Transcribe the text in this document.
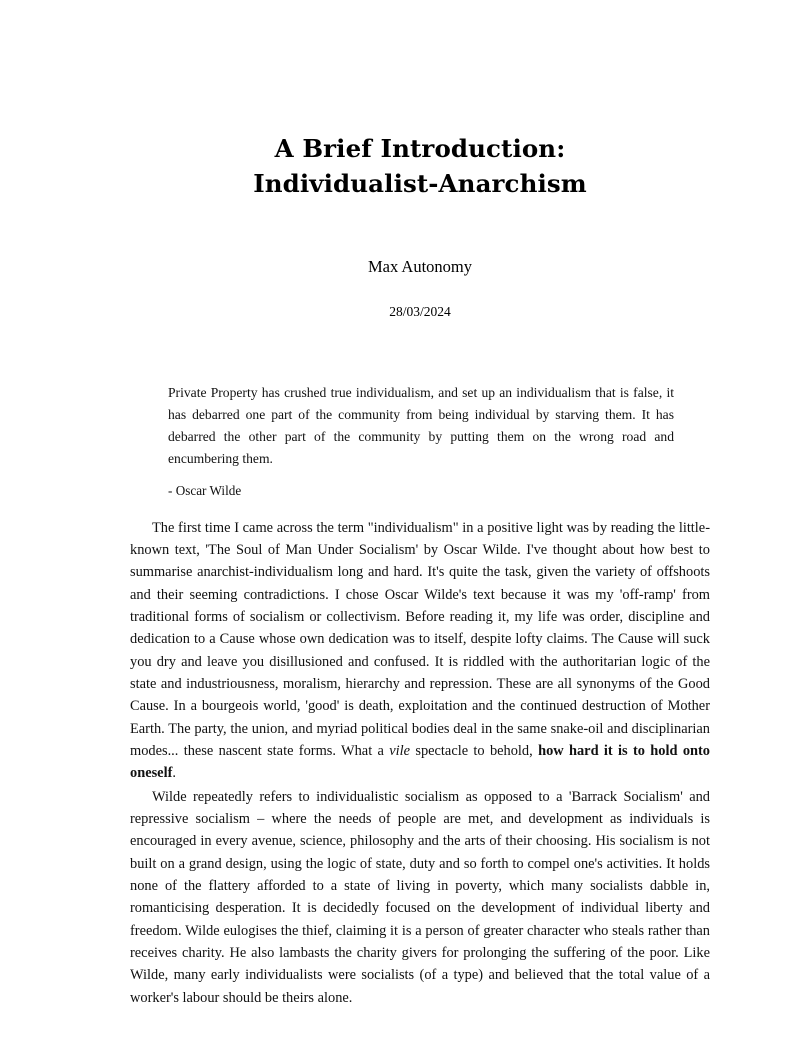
A Brief Introduction:
Individualist-Anarchism
Max Autonomy
28/03/2024
Private Property has crushed true individualism, and set up an individualism that is false, it has debarred one part of the community from being individual by starving them. It has debarred the other part of the community by putting them on the wrong road and encumbering them.
- Oscar Wilde

The first time I came across the term "individualism" in a positive light was by reading the little-known text, 'The Soul of Man Under Socialism' by Oscar Wilde. I've thought about how best to summarise anarchist-individualism long and hard. It's quite the task, given the variety of offshoots and their seeming contradictions. I chose Oscar Wilde's text because it was my 'off-ramp' from traditional forms of socialism or collectivism. Before reading it, my life was order, discipline and dedication to a Cause whose own dedication was to itself, despite lofty claims. The Cause will suck you dry and leave you disillusioned and confused. It is riddled with the authoritarian logic of the state and industriousness, moralism, hierarchy and repression. These are all synonyms of the Good Cause. In a bourgeois world, 'good' is death, exploitation and the continued destruction of Mother Earth. The party, the union, and myriad political bodies deal in the same snake-oil and disciplinarian modes... these nascent state forms. What a vile spectacle to behold, how hard it is to hold onto oneself.

Wilde repeatedly refers to individualistic socialism as opposed to a 'Barrack Socialism' and repressive socialism – where the needs of people are met, and development as individuals is encouraged in every avenue, science, philosophy and the arts of their choosing. His socialism is not built on a grand design, using the logic of state, duty and so forth to compel one's activities. It holds none of the flattery afforded to a state of living in poverty, which many socialists dabble in, romanticising desperation. It is decidedly focused on the development of individual liberty and freedom. Wilde eulogises the thief, claiming it is a person of greater character who steals rather than receives charity. He also lambasts the charity givers for prolonging the suffering of the poor. Like Wilde, many early individualists were socialists (of a type) and believed that the total value of a worker's labour should be theirs alone.
